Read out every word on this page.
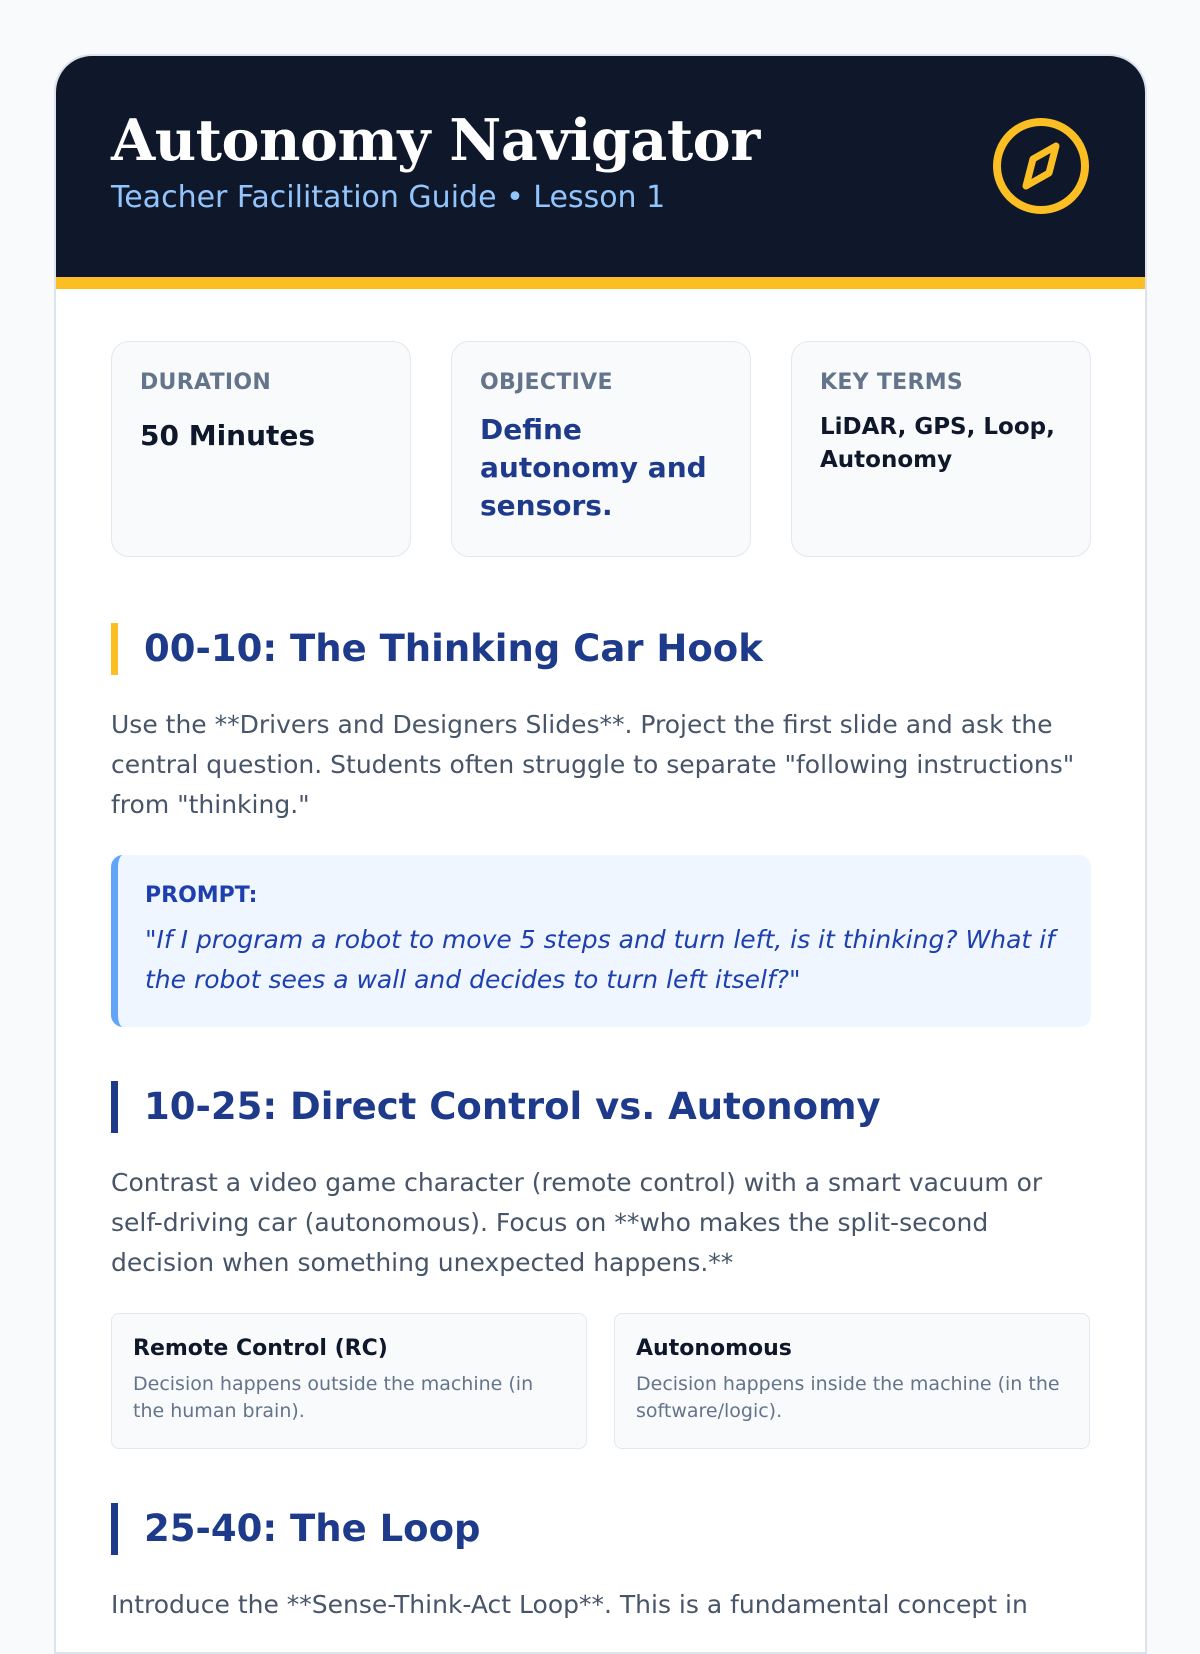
Autonomy Navigator
Teacher Facilitation Guide • Lesson 1
DURATION
50 Minutes
OBJECTIVE
Define autonomy and sensors.
KEY TERMS
LiDAR, GPS, Loop, Autonomy
00-10: The Thinking Car Hook

Use the **Drivers and Designers Slides**. Project the first slide and ask the central question. Students often struggle to separate "following instructions" from "thinking."

PROMPT:
"If I program a robot to move 5 steps and turn left, is it thinking? What if the robot sees a wall and decides to turn left itself?"
10-25: Direct Control vs. Autonomy

Contrast a video game character (remote control) with a smart vacuum or self-driving car (autonomous). Focus on **who makes the split-second decision when something unexpected happens.**

Remote Control (RC)
Decision happens outside the machine (in the human brain).
Autonomous
Decision happens inside the machine (in the software/logic).
25-40: The Loop

Introduce the **Sense-Think-Act Loop**. This is a fundamental concept in
